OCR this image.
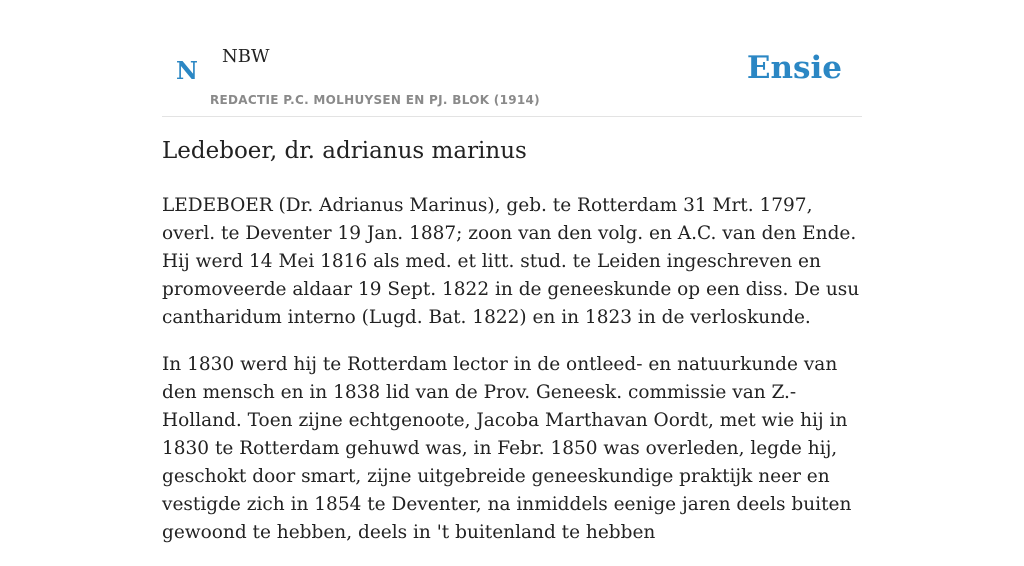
N NBW
REDACTIE P.C. MOLHUYSEN EN PJ. BLOK (1914)
Ensie
Ledeboer, dr. adrianus marinus

LEDEBOER (Dr. Adrianus Marinus), geb. te Rotterdam 31 Mrt. 1797, overl. te Deventer 19 Jan. 1887; zoon van den volg. en A.C. van den Ende. Hij werd 14 Mei 1816 als med. et litt. stud. te Leiden ingeschreven en promoveerde aldaar 19 Sept. 1822 in de geneeskunde op een diss. De usu cantharidum interno (Lugd. Bat. 1822) en in 1823 in de verloskunde.

In 1830 werd hij te Rotterdam lector in de ontleed- en natuurkunde van den mensch en in 1838 lid van de Prov. Geneesk. commissie van Z.-Holland. Toen zijne echtgenoote, Jacoba Marthavan Oordt, met wie hij in 1830 te Rotterdam gehuwd was, in Febr. 1850 was overleden, legde hij, geschokt door smart, zijne uitgebreide geneeskundige praktijk neer en vestigde zich in 1854 te Deventer, na inmiddels eenige jaren deels buiten gewoond te hebben, deels in 't buitenland te hebben
